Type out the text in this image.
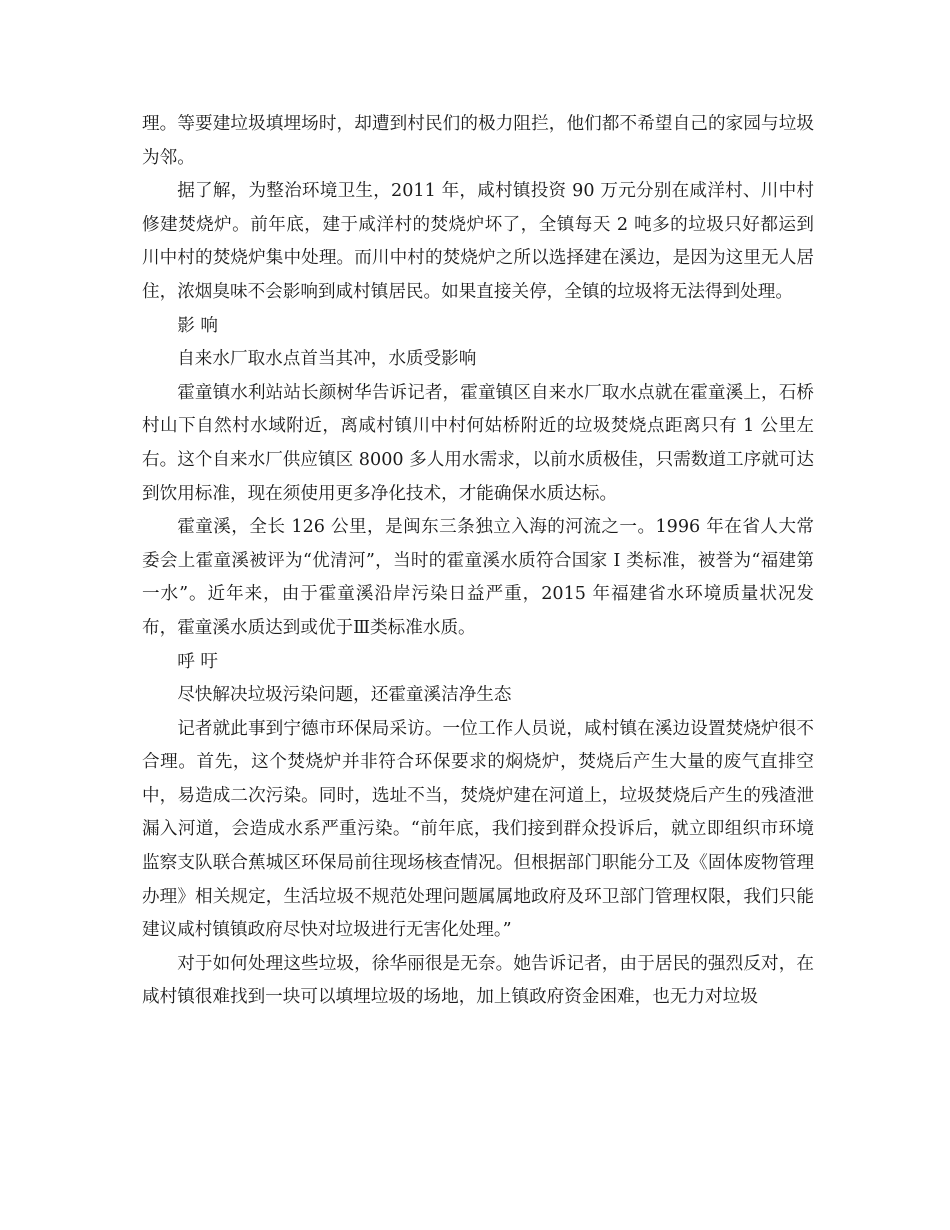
理。等要建垃圾填埋场时，却遭到村民们的极力阻拦，他们都不希望自己的家园与垃圾为邻。

据了解，为整治环境卫生，2011 年，咸村镇投资 90 万元分别在咸洋村、川中村修建焚烧炉。前年底，建于咸洋村的焚烧炉坏了，全镇每天 2 吨多的垃圾只好都运到川中村的焚烧炉集中处理。而川中村的焚烧炉之所以选择建在溪边，是因为这里无人居住，浓烟臭味不会影响到咸村镇居民。如果直接关停，全镇的垃圾将无法得到处理。

影 响

自来水厂取水点首当其冲，水质受影响

霍童镇水利站站长颜树华告诉记者，霍童镇区自来水厂取水点就在霍童溪上，石桥村山下自然村水域附近，离咸村镇川中村何姑桥附近的垃圾焚烧点距离只有 1 公里左右。这个自来水厂供应镇区 8000 多人用水需求，以前水质极佳，只需数道工序就可达到饮用标准，现在须使用更多净化技术，才能确保水质达标。

霍童溪，全长 126 公里，是闽东三条独立入海的河流之一。1996 年在省人大常委会上霍童溪被评为“优清河”，当时的霍童溪水质符合国家 I 类标准，被誉为“福建第一水”。近年来，由于霍童溪沿岸污染日益严重，2015 年福建省水环境质量状况发布，霍童溪水质达到或优于Ⅲ类标准水质。

呼 吁

尽快解决垃圾污染问题，还霍童溪洁净生态

记者就此事到宁德市环保局采访。一位工作人员说，咸村镇在溪边设置焚烧炉很不合理。首先，这个焚烧炉并非符合环保要求的焖烧炉，焚烧后产生大量的废气直排空中，易造成二次污染。同时，选址不当，焚烧炉建在河道上，垃圾焚烧后产生的残渣泄漏入河道，会造成水系严重污染。“前年底，我们接到群众投诉后，就立即组织市环境监察支队联合蕉城区环保局前往现场核查情况。但根据部门职能分工及《固体废物管理办理》相关规定，生活垃圾不规范处理问题属属地政府及环卫部门管理权限，我们只能建议咸村镇镇政府尽快对垃圾进行无害化处理。”

对于如何处理这些垃圾，徐华丽很是无奈。她告诉记者，由于居民的强烈反对，在咸村镇很难找到一块可以填埋垃圾的场地，加上镇政府资金困难，也无力对垃圾
